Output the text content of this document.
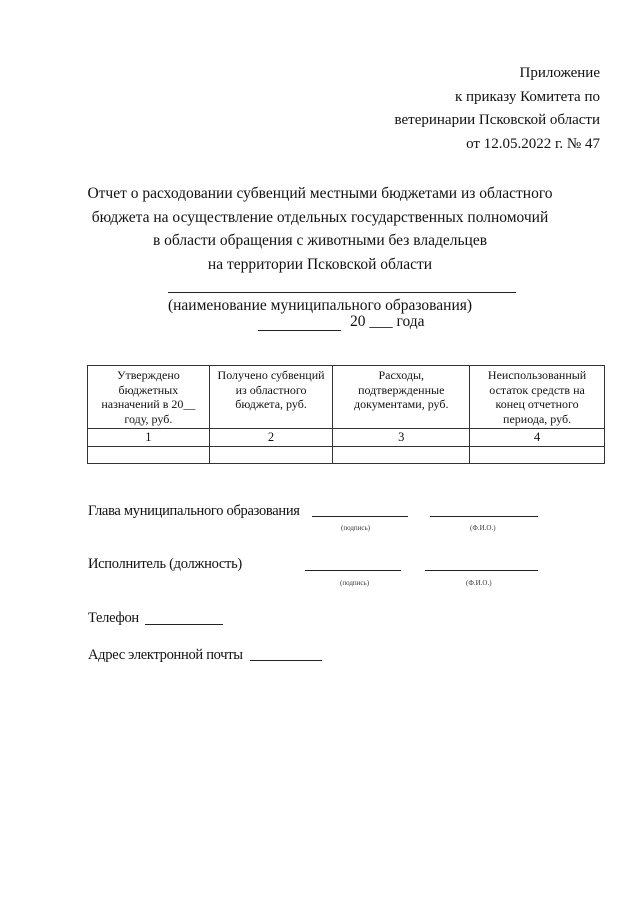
Приложение
к приказу Комитета по
ветеринарии Псковской области
от 12.05.2022 г. № 47
Отчет о расходовании субвенций местными бюджетами из областного
бюджета на осуществление отдельных государственных полномочий
в области обращения с животными без владельцев
на территории Псковской области
(наименование муниципального образования)
20 ___ года
Утверждено бюджетных назначений в 20__ году, руб.	Получено субвенций из областного бюджета, руб.	Расходы, подтвержденные документами, руб.	Неиспользованный остаток средств на конец отчетного периода, руб.
1	2	3	4

Глава муниципального образования
(подпись)	(Ф.И.О.)
Исполнитель (должность)
(подпись)	(Ф.И.О.)
Телефон
Адрес электронной почты
